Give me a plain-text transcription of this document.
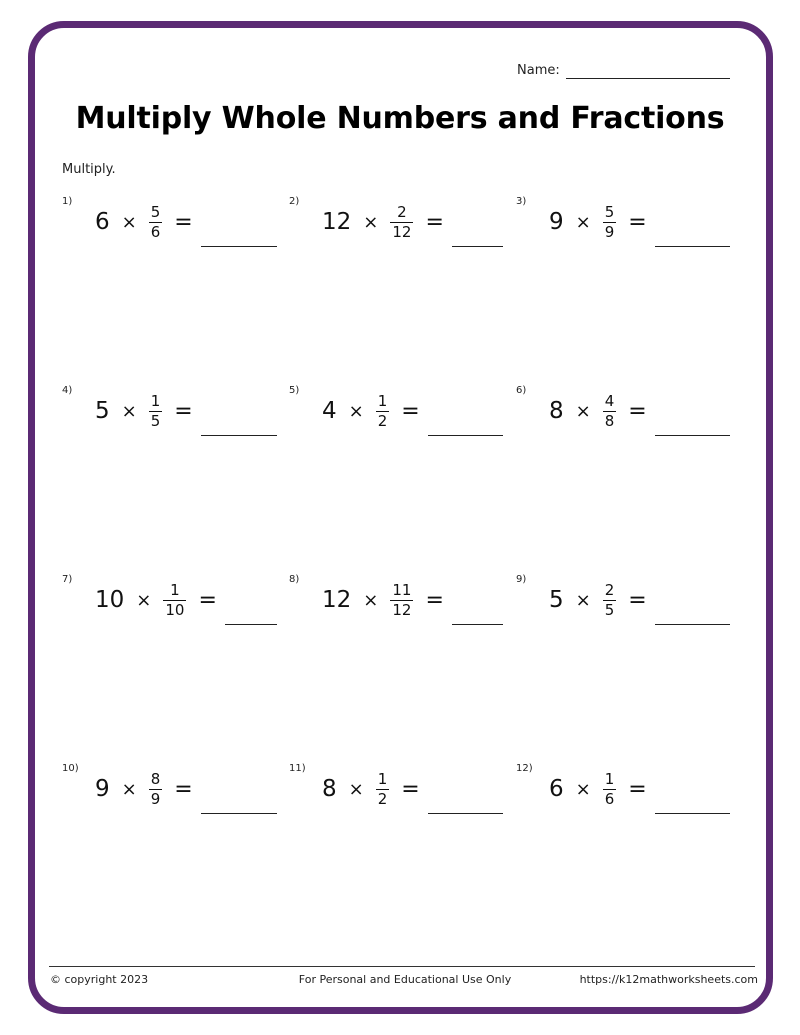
Name:
Multiply Whole Numbers and Fractions
Multiply.
1)
$6 \times \frac{5}{6}$ =
2)
$12 \times \frac{2}{12}$ =
3)
$9 \times \frac{5}{9}$ =
4)
$5 \times \frac{1}{5}$ =
5)
$4 \times \frac{1}{2}$ =
6)
$8 \times \frac{4}{8}$ =
7)
$10 \times \frac{1}{10}$ =
8)
$12 \times \frac{11}{12}$ =
9)
$5 \times \frac{2}{5}$ =
10)
$9 \times \frac{8}{9}$ =
11)
$8 \times \frac{1}{2}$ =
12)
$6 \times \frac{1}{6}$ =
© copyright 2023	For Personal and Educational Use Only	https://k12mathworksheets.com
